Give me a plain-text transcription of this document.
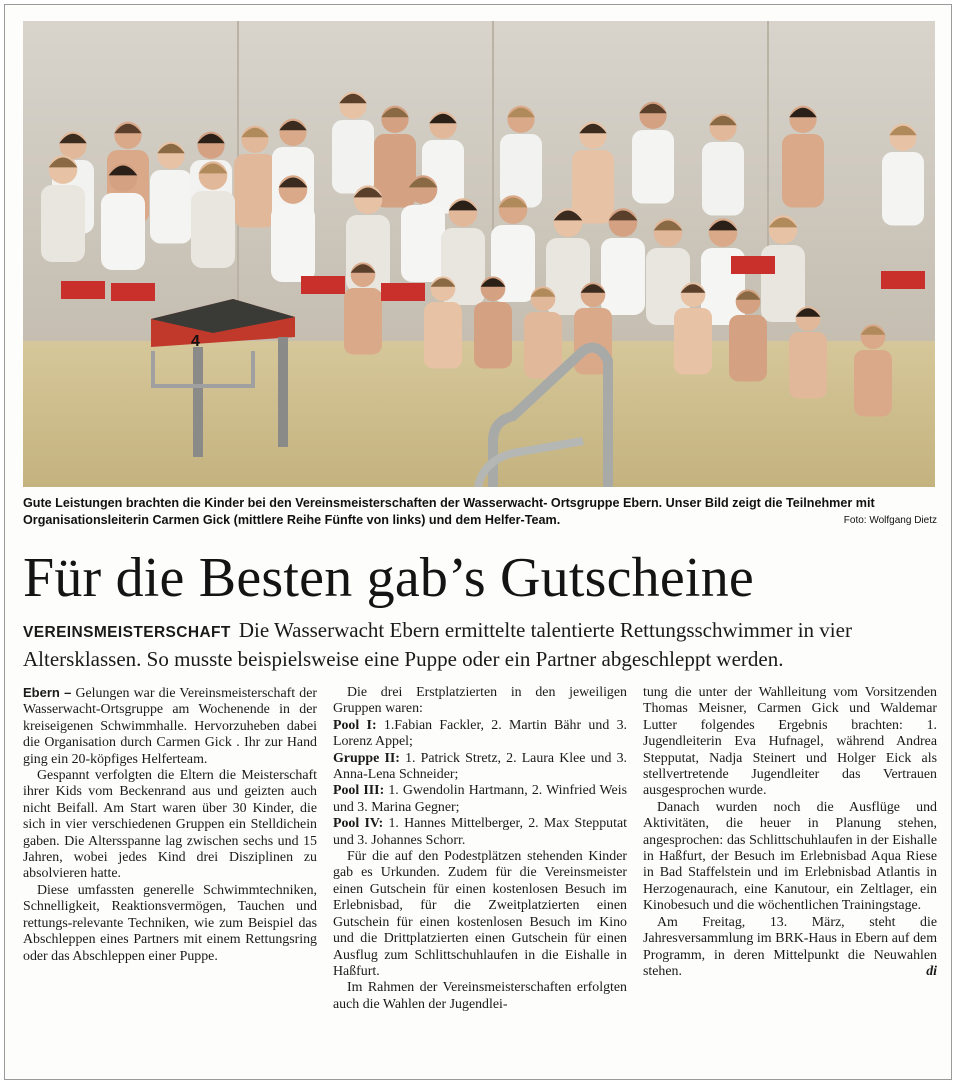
4
Gute Leistungen brachten die Kinder bei den Vereinsmeisterschaften der Wasserwacht- Ortsgruppe Ebern. Unser Bild zeigt die Teilnehmer mit Organisationsleiterin Carmen Gick (mittlere Reihe Fünfte von links) und dem Helfer-Team.	Foto: Wolfgang Dietz
Für die Besten gab’s Gutscheine
VEREINSMEISTERSCHAFT Die Wasserwacht Ebern ermittelte talentierte Rettungsschwimmer in vier Altersklassen. So musste beispielsweise eine Puppe oder ein Partner abgeschleppt werden.

Ebern – Gelungen war die Vereinsmeisterschaft der Wasserwacht-Ortsgruppe am Wochenende in der kreiseigenen Schwimmhalle. Hervorzuheben dabei die Organisation durch Carmen Gick . Ihr zur Hand ging ein 20-köpfiges Helferteam.

Gespannt verfolgten die Eltern die Meisterschaft ihrer Kids vom Beckenrand aus und geizten auch nicht Beifall. Am Start waren über 30 Kinder, die sich in vier verschiedenen Gruppen ein Stelldichein gaben. Die Altersspanne lag zwischen sechs und 15 Jahren, wobei jedes Kind drei Disziplinen zu absolvieren hatte.

Diese umfassten generelle Schwimmtechniken, Schnelligkeit, Reaktionsvermögen, Tauchen und rettungs-relevante Techniken, wie zum Beispiel das Abschleppen eines Partners mit einem Rettungsring oder das Abschleppen einer Puppe.

Die drei Erstplatzierten in den jeweiligen Gruppen waren:

Pool I: 1.Fabian Fackler, 2. Martin Bähr und 3. Lorenz Appel;

Gruppe II: 1. Patrick Stretz, 2. Laura Klee und 3. Anna-Lena Schneider;

Pool III: 1. Gwendolin Hartmann, 2. Winfried Weis und 3. Marina Gegner;

Pool IV: 1. Hannes Mittelberger, 2. Max Stepputat und 3. Johannes Schorr.

Für die auf den Podestplätzen stehenden Kinder gab es Urkunden. Zudem für die Vereinsmeister einen Gutschein für einen kostenlosen Besuch im Erlebnisbad, für die Zweitplatzierten einen Gutschein für einen kostenlosen Besuch im Kino und die Drittplatzierten einen Gutschein für einen Ausflug zum Schlittschuhlaufen in die Eishalle in Haßfurt.

Im Rahmen der Vereinsmeisterschaften erfolgten auch die Wahlen der Jugendlei-

tung die unter der Wahlleitung vom Vorsitzenden Thomas Meisner, Carmen Gick und Waldemar Lutter folgendes Ergebnis brachten: 1. Jugendleiterin Eva Hufnagel, während Andrea Stepputat, Nadja Steinert und Holger Eick als stellvertretende Jugendleiter das Vertrauen ausgesprochen wurde.

Danach wurden noch die Ausflüge und Aktivitäten, die heuer in Planung stehen, angesprochen: das Schlittschuhlaufen in der Eishalle in Haßfurt, der Besuch im Erlebnisbad Aqua Riese in Bad Staffelstein und im Erlebnisbad Atlantis in Herzogenaurach, eine Kanutour, ein Zeltlager, ein Kinobesuch und die wöchentlichen Trainingstage.

Am Freitag, 13. März, steht die Jahresversammlung im BRK-Haus in Ebern auf dem Programm, in deren Mittelpunkt die Neuwahlen stehen.	di
